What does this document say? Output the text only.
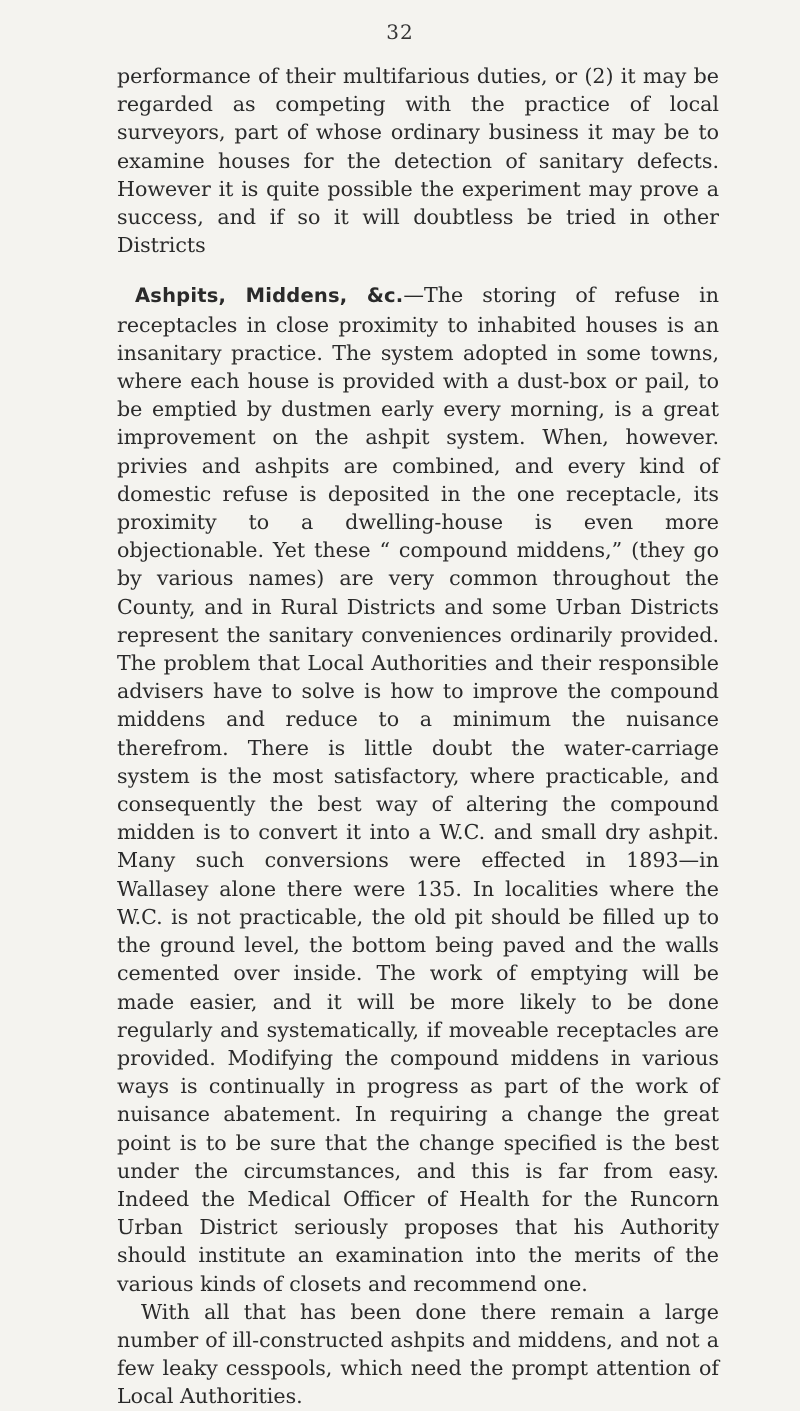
32

performance of their multifarious duties, or (2) it may be regarded as competing with the practice of local surveyors, part of whose ordinary business it may be to examine houses for the detection of sanitary defects. However it is quite possible the experiment may prove a success, and if so it will doubtless be tried in other Districts

Ashpits, Middens, &c.—The storing of refuse in receptacles in close proximity to inhabited houses is an insanitary practice. The system adopted in some towns, where each house is provided with a dust-box or pail, to be emptied by dustmen early every morning, is a great improvement on the ashpit system. When, however. privies and ashpits are combined, and every kind of domestic refuse is deposited in the one receptacle, its proximity to a dwelling-house is even more objectionable. Yet these “ compound middens,” (they go by various names) are very common throughout the County, and in Rural Districts and some Urban Districts represent the sanitary conveniences ordinarily provided. The problem that Local Authorities and their responsible advisers have to solve is how to improve the compound middens and reduce to a minimum the nuisance therefrom. There is little doubt the water-carriage system is the most satisfactory, where practicable, and consequently the best way of altering the compound midden is to convert it into a W.C. and small dry ashpit. Many such conversions were effected in 1893—in Wallasey alone there were 135. In localities where the W.C. is not practicable, the old pit should be filled up to the ground level, the bottom being paved and the walls cemented over inside. The work of emptying will be made easier, and it will be more likely to be done regularly and systematically, if moveable receptacles are provided. Modifying the compound middens in various ways is continually in progress as part of the work of nuisance abatement. In requiring a change the great point is to be sure that the change specified is the best under the circumstances, and this is far from easy. Indeed the Medical Officer of Health for the Runcorn Urban District seriously proposes that his Authority should institute an examination into the merits of the various kinds of closets and recommend one.

With all that has been done there remain a large number of ill-constructed ashpits and middens, and not a few leaky cesspools, which need the prompt attention of Local Authorities.
